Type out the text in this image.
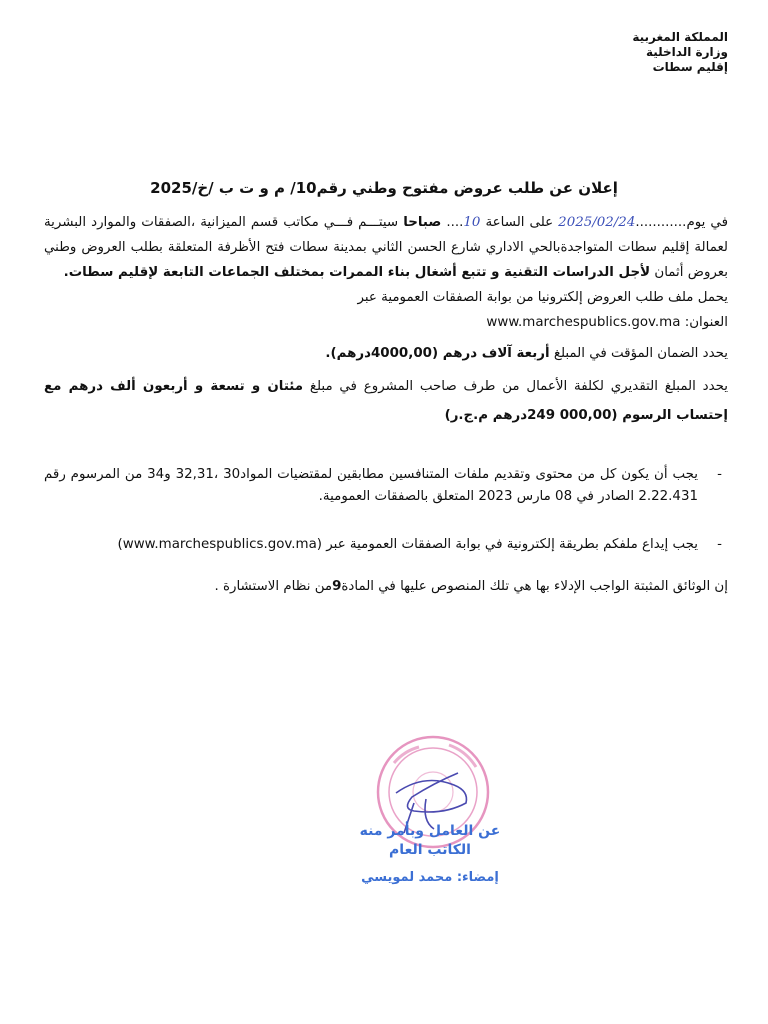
المملكة المغربية
وزارة الداخلية
إقليم سطات
إعلان عن طلب عروض مفتوح وطني رقم10/ م و ت ب /خ/2025

في يوم............2025/02/24 على الساعة 10.... صباحا سيتـــم فـــي مكاتب قسم الميزانية ،الصفقات والموارد البشرية لعمالة إقليم سطات المتواجدةبالحي الاداري شارع الحسن الثاني بمدينة سطات فتح الأظرفة المتعلقة بطلب العروض وطني بعروض أثمان لأجل الدراسات التقنية و تتبع أشغال بناء الممرات بمختلف الجماعات التابعة لإقليم سطات.

يحمل ملف طلب العروض إلكترونيا من بوابة الصفقات العمومية عبر
العنوان: www.marchespublics.gov.ma

يحدد الضمان المؤقت في المبلغ أربعة آلاف درهم (4000,00درهم).

يحدد المبلغ التقديري لكلفة الأعمال من طرف صاحب المشروع في مبلغ مئتان و تسعة و أربعون ألف درهم مع إحتساب الرسوم (000,00 249درهم م.ج.ر)

-
يجب أن يكون كل من محتوى وتقديم ملفات المتنافسين مطابقين لمقتضيات المواد30 ،32,31 و34 من المرسوم رقم 2.22.431 الصادر في 08 مارس 2023 المتعلق بالصفقات العمومية.
-
يجب إيداع ملفكم بطريقة إلكترونية في بوابة الصفقات العمومية عبر (www.marchespublics.gov.ma)

إن الوثائق المثبتة الواجب الإدلاء بها هي تلك المنصوص عليها في المادة9من نظام الاستشارة .

عن العامل وبأمر منه
الكاتب العام
إمضاء: محمد لمويسي
